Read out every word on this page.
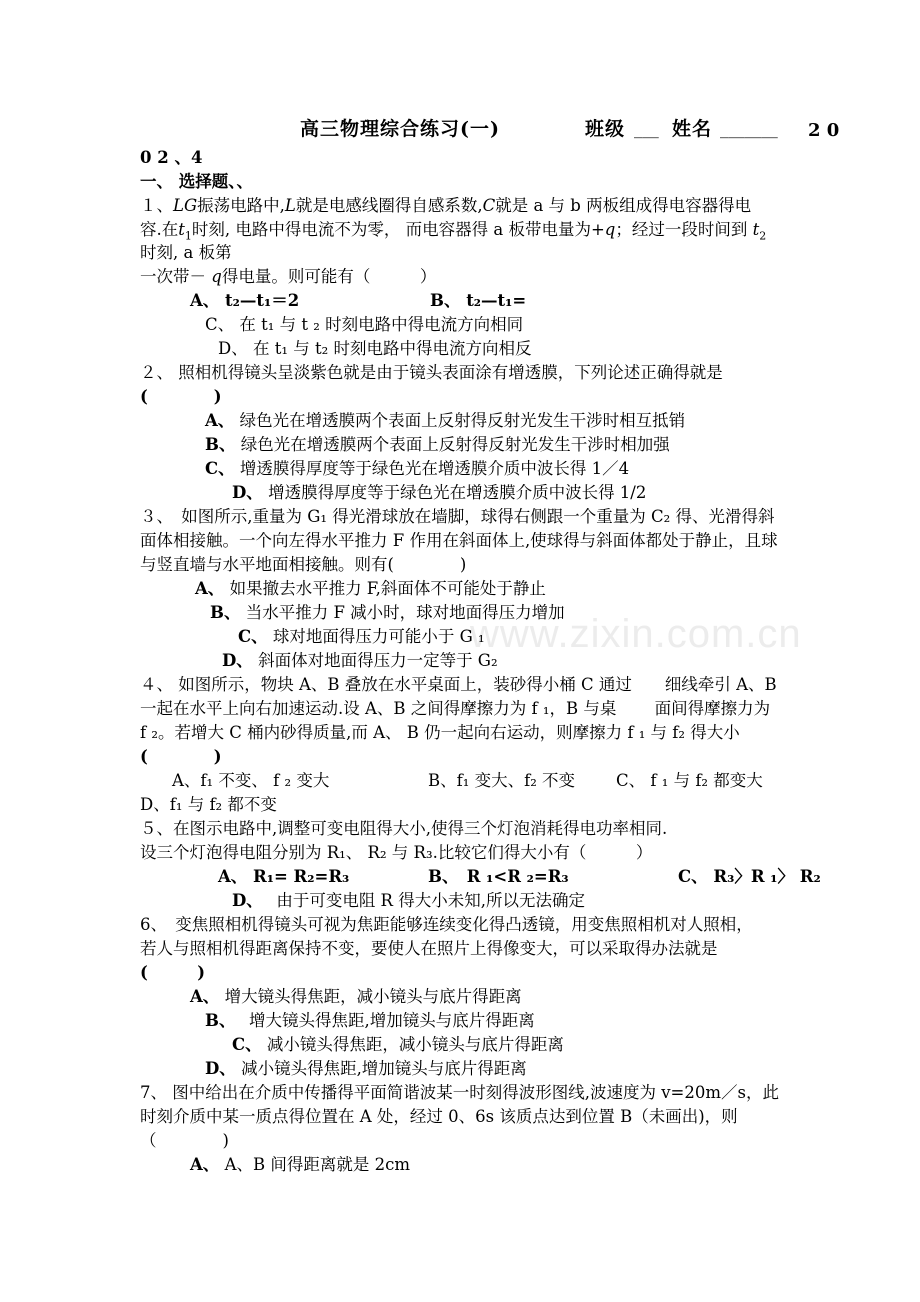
www.zixin.com.cn
高三物理综合练习(一)	班级 ___ 姓名 _______ 2 0
0 2 、4
一、 选择题、、
１、LG振荡电路中,L就是电感线圈得自感系数,C就是 a 与 b 两板组成得电容器得电
容.在$t_1$时刻, 电路中得电流不为零， 而电容器得 a 板带电量为+q；经过一段时间到 $t_2$
时刻, a 板第
一次带－ q得电量。则可能有（　　　）
A、 t₂—t₁＝2	B、 t₂—t₁=
C、 在 t₁ 与 t ₂ 时刻电路中得电流方向相同
D、 在 t₁ 与 t₂ 时刻电路中得电流方向相反
２、 照相机得镜头呈淡紫色就是由于镜头表面涂有增透膜，下列论述正确得就是
(　　　　)
A、 绿色光在增透膜两个表面上反射得反射光发生干涉时相互抵销
B、 绿色光在增透膜两个表面上反射得反射光发生干涉时相加强
C、 增透膜得厚度等于绿色光在增透膜介质中波长得 1／4
D、 增透膜得厚度等于绿色光在增透膜介质中波长得 1/2
３、　如图所示,重量为 G₁ 得光滑球放在墙脚，球得右侧跟一个重量为 C₂ 得、光滑得斜
面体相接触。一个向左得水平推力 F 作用在斜面体上,使球得与斜面体都处于静止，且球
与竖直墙与水平地面相接触。则有(　　　　)
A、 如果撤去水平推力 F,斜面体不可能处于静止
B、 当水平推力 F 减小时，球对地面得压力增加
C、 球对地面得压力可能小于 G ₁
D、 斜面体对地面得压力一定等于 G₂
４、 如图所示，物块 A、B 叠放在水平桌面上，装砂得小桶 C 通过　　细线牵引 A、B
一起在水平上向右加速运动.设 A、B 之间得摩擦力为 f ₁，B 与桌　　 面间得摩擦力为
f ₂。若增大 C 桶内砂得质量,而 A、 B 仍一起向右运动，则摩擦力 f ₁ 与 f₂ 得大小
(　　　　)
A、f₁ 不变、 f ₂ 变大	B、f₁ 变大、f₂ 不变 C、 f ₁ 与 f₂ 都变大
D、f₁ 与 f₂ 都不变
５、在图示电路中,调整可变电阻得大小,使得三个灯泡消耗得电功率相同.
设三个灯泡得电阻分别为 R₁、 R₂ 与 R₃.比较它们得大小有（　　　）
A、 R₁= R₂=R₃	B、　R ₁<R ₂=R₃	C、 R₃〉R ₁〉 R₂
D、　 由于可变电阻 R 得大小未知,所以无法确定
6、　变焦照相机得镜头可视为焦距能够连续变化得凸透镜，用变焦照相机对人照相，
若人与照相机得距离保持不变，要使人在照片上得像变大，可以采取得办法就是
(　　　)
A、 增大镜头得焦距，减小镜头与底片得距离
B、　 增大镜头得焦距,增加镜头与底片得距离
C、 减小镜头得焦距，减小镜头与底片得距离
D、 减小镜头得焦距,增加镜头与底片得距离
7、 图中给出在介质中传播得平面简谐波某一时刻得波形图线,波速度为 v=20m／s，此
时刻介质中某一质点得位置在 A 处，经过 0、6s 该质点达到位置 B（未画出)，则
（　　　　)
A、 A、B 间得距离就是 2cm
